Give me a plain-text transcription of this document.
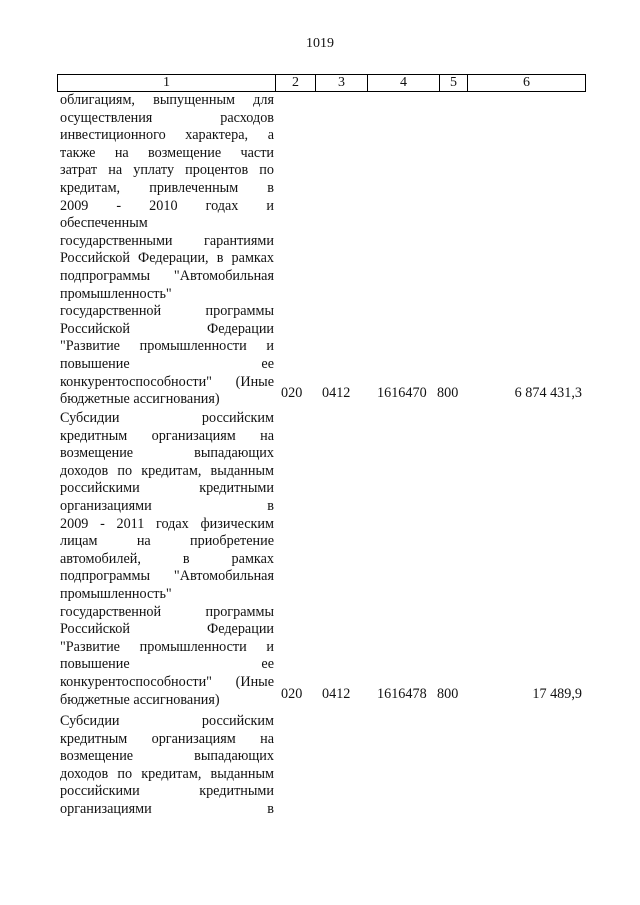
1019
1	2	3	4	5	6
облигациям, выпущенным для
осуществления расходов
инвестиционного характера, а
также на возмещение части
затрат на уплату процентов по
кредитам, привлеченным в
2009 - 2010 годах и
обеспеченным
государственными гарантиями
Российской Федерации, в рамках
подпрограммы "Автомобильная
промышленность"
государственной программы
Российской Федерации
"Развитие промышленности и
повышение ее
конкурентоспособности" (Иные
бюджетные ассигнования)	020 0412 1616470 800	6 874 431,3
Субсидии российским
кредитным организациям на
возмещение выпадающих
доходов по кредитам, выданным
российскими кредитными
организациями в
2009 - 2011 годах физическим
лицам на приобретение
автомобилей, в рамках
подпрограммы "Автомобильная
промышленность"
государственной программы
Российской Федерации
"Развитие промышленности и
повышение ее
конкурентоспособности" (Иные
бюджетные ассигнования)	020 0412 1616478 800	17 489,9
Субсидии российским
кредитным организациям на
возмещение выпадающих
доходов по кредитам, выданным
российскими кредитными
организациями в
